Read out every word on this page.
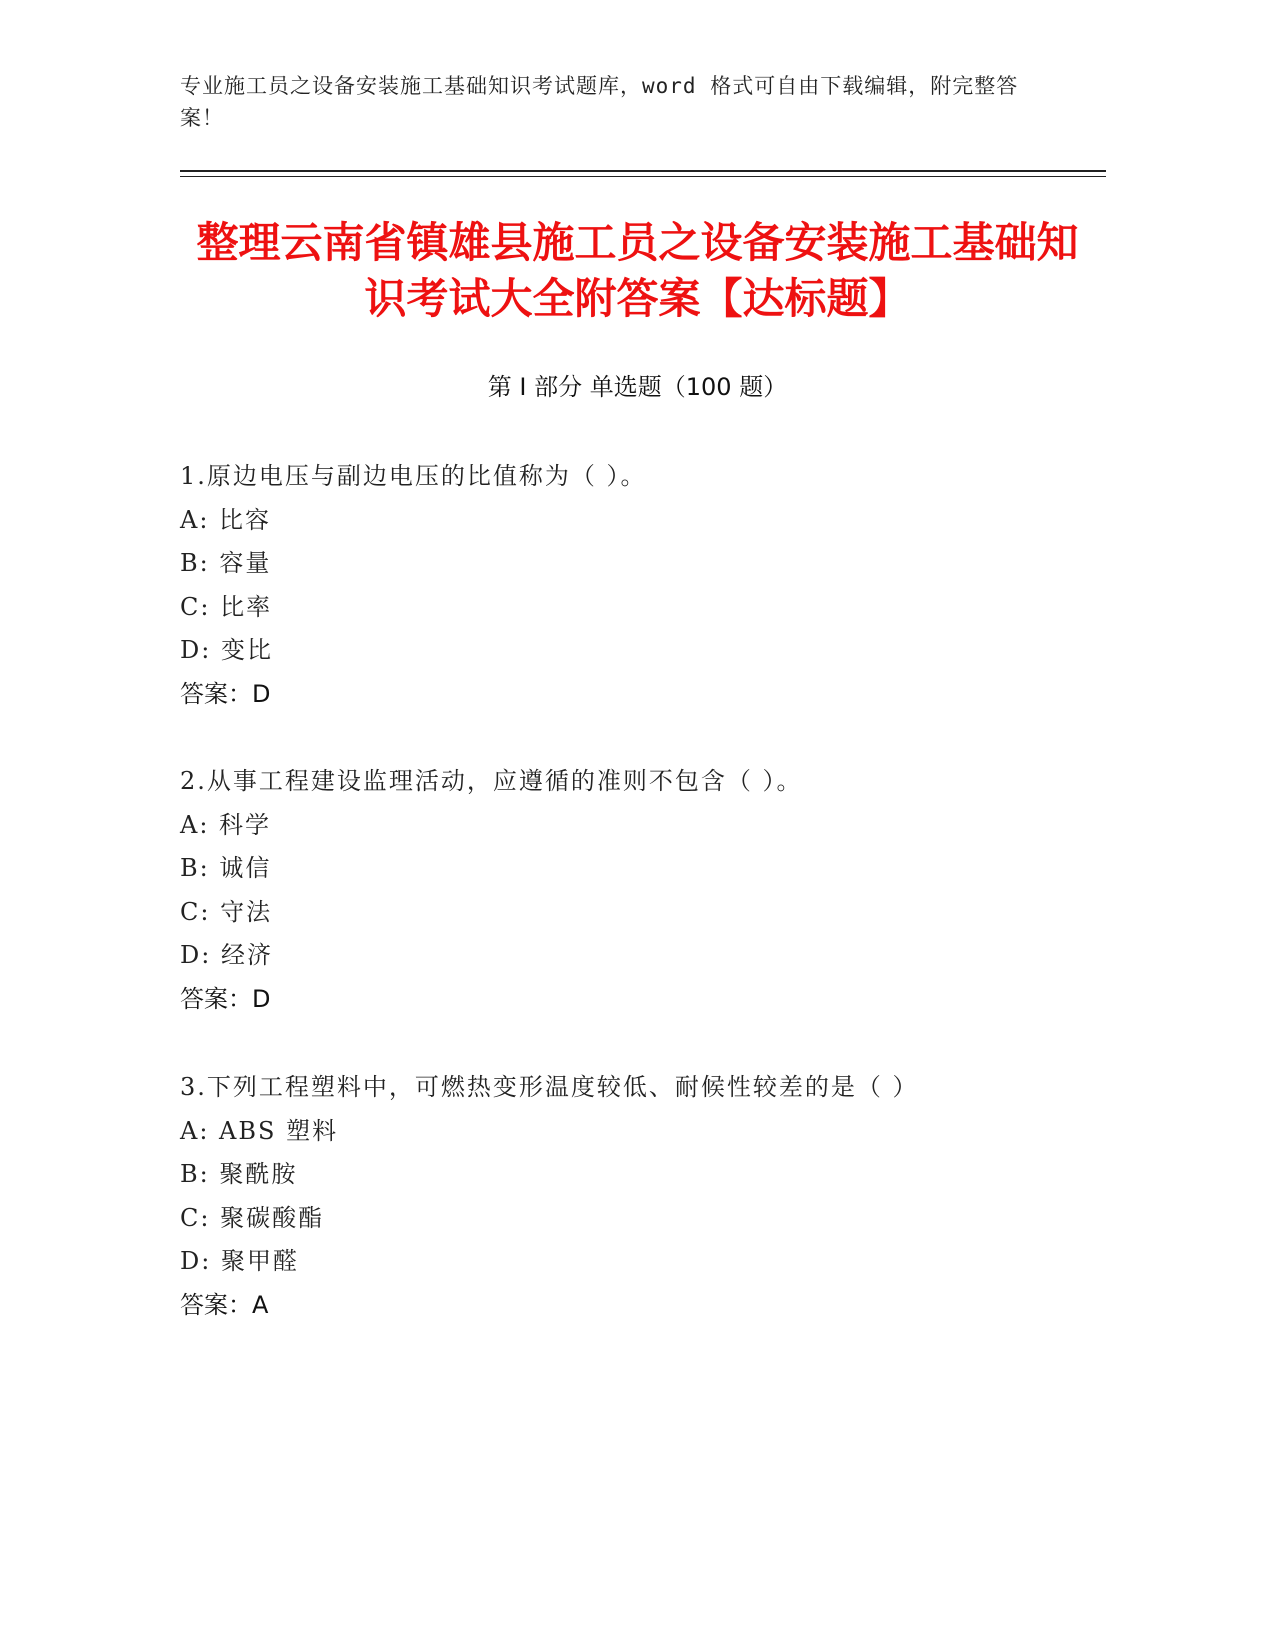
专业施工员之设备安装施工基础知识考试题库，word 格式可自由下载编辑，附完整答案！
整理云南省镇雄县施工员之设备安装施工基础知识考试大全附答案【达标题】
第 I 部分 单选题（100 题）
1.原边电压与副边电压的比值称为（ ）。
A: 比容
B: 容量
C: 比率
D: 变比
答案：D
2.从事工程建设监理活动，应遵循的准则不包含（ ）。
A: 科学
B: 诚信
C: 守法
D: 经济
答案：D
3.下列工程塑料中，可燃热变形温度较低、耐候性较差的是（ ）
A: ABS 塑料
B: 聚酰胺
C: 聚碳酸酯
D: 聚甲醛
答案：A
